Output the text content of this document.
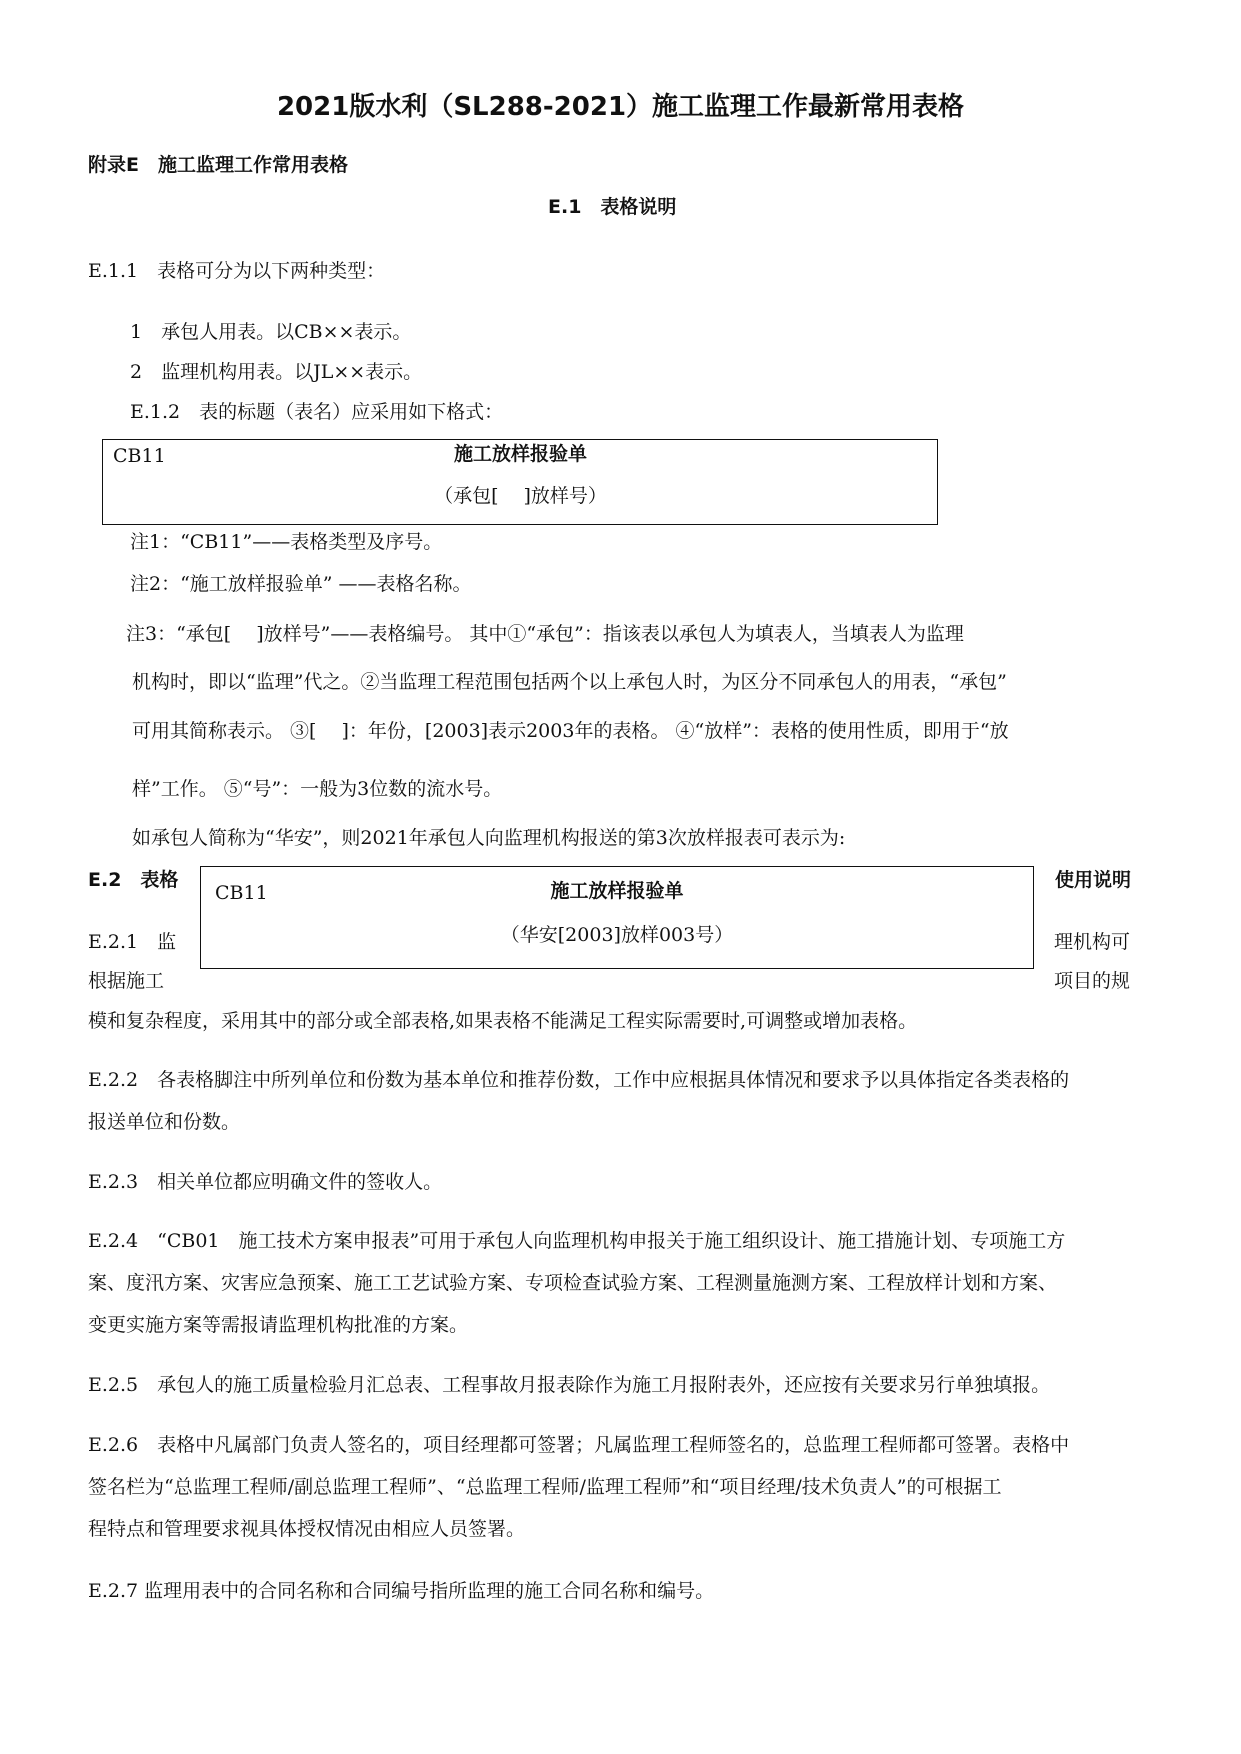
2021版水利（SL288-2021）施工监理工作最新常用表格
附录E　施工监理工作常用表格
E.1　表格说明
E.1.1　表格可分为以下两种类型：
1　承包人用表。以CB××表示。
2　监理机构用表。以JL××表示。
E.1.2　表的标题（表名）应采用如下格式：
CB11	施工放样报验单
（承包[　 ]放样号）
注1：“CB11”——表格类型及序号。
注2：“施工放样报验单” ——表格名称。
注3：“承包[　 ]放样号”——表格编号。 其中①“承包”：指该表以承包人为填表人，当填表人为监理
机构时，即以“监理”代之。②当监理工程范围包括两个以上承包人时，为区分不同承包人的用表，“承包”
可用其简称表示。 ③[　 ]：年份，[2003]表示2003年的表格。 ④“放样”：表格的使用性质，即用于“放
样”工作。 ⑤“号”：一般为3位数的流水号。
如承包人简称为“华安”，则2021年承包人向监理机构报送的第3次放样报表可表示为:
E.2　表格	使用说明
CB11	施工放样报验单
（华安[2003]放样003号）
E.2.1　监
根据施工
理机构可
项目的规
模和复杂程度，采用其中的部分或全部表格,如果表格不能满足工程实际需要时,可调整或增加表格。
E.2.2　各表格脚注中所列单位和份数为基本单位和推荐份数，工作中应根据具体情况和要求予以具体指定各类表格的
报送单位和份数。
E.2.3　相关单位都应明确文件的签收人。
E.2.4　“CB01　施工技术方案申报表”可用于承包人向监理机构申报关于施工组织设计、施工措施计划、专项施工方
案、度汛方案、灾害应急预案、施工工艺试验方案、专项检查试验方案、工程测量施测方案、工程放样计划和方案、
变更实施方案等需报请监理机构批准的方案。
E.2.5　承包人的施工质量检验月汇总表、工程事故月报表除作为施工月报附表外，还应按有关要求另行单独填报。
E.2.6　表格中凡属部门负责人签名的，项目经理都可签署；凡属监理工程师签名的，总监理工程师都可签署。表格中
签名栏为“总监理工程师/副总监理工程师”、“总监理工程师/监理工程师”和“项目经理/技术负责人”的可根据工
程特点和管理要求视具体授权情况由相应人员签署。
E.2.7 监理用表中的合同名称和合同编号指所监理的施工合同名称和编号。
